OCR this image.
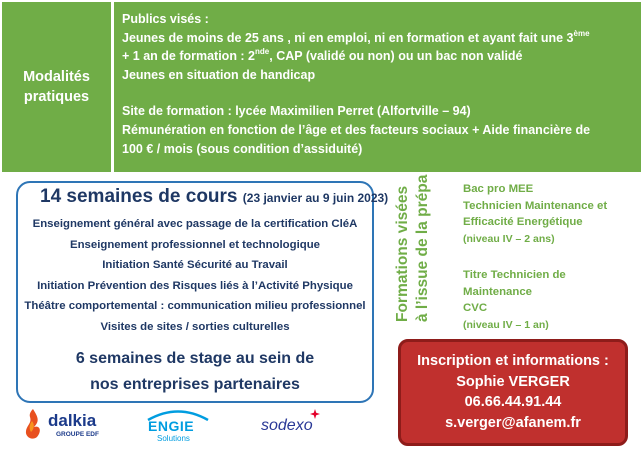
Modalités
pratiques
Publics visés :
Jeunes de moins de 25 ans , ni en emploi, ni en formation et ayant fait une 3ème
+ 1 an de formation : 2nde, CAP (validé ou non) ou un bac non validé
Jeunes en situation de handicap
Site de formation : lycée Maximilien Perret (Alfortville – 94)
Rémunération en fonction de l’âge et des facteurs sociaux + Aide financière de
100 € / mois (sous condition d’assiduité)
14 semaines de cours (23 janvier au 9 juin 2023)
Enseignement général avec passage de la certification CléA
Enseignement professionnel et technologique
Initiation Santé Sécurité au Travail
Initiation Prévention des Risques liés à l’Activité Physique
Théâtre comportemental : communication milieu professionnel
Visites de sites / sorties culturelles
6 semaines de stage au sein de
nos entreprises partenaires
Formations visées à l’issue de la prépa	Bac pro MEE
Technicien Maintenance et
Efficacité Energétique
(niveau IV – 2 ans)
Titre Technicien de Maintenance
CVC
(niveau IV – 1 an)
Inscription et informations :
Sophie VERGER
06.66.44.91.44
s.verger@afanem.fr
dalkia
GROUPE EDF
ENGIE
Solutions
sodexo
